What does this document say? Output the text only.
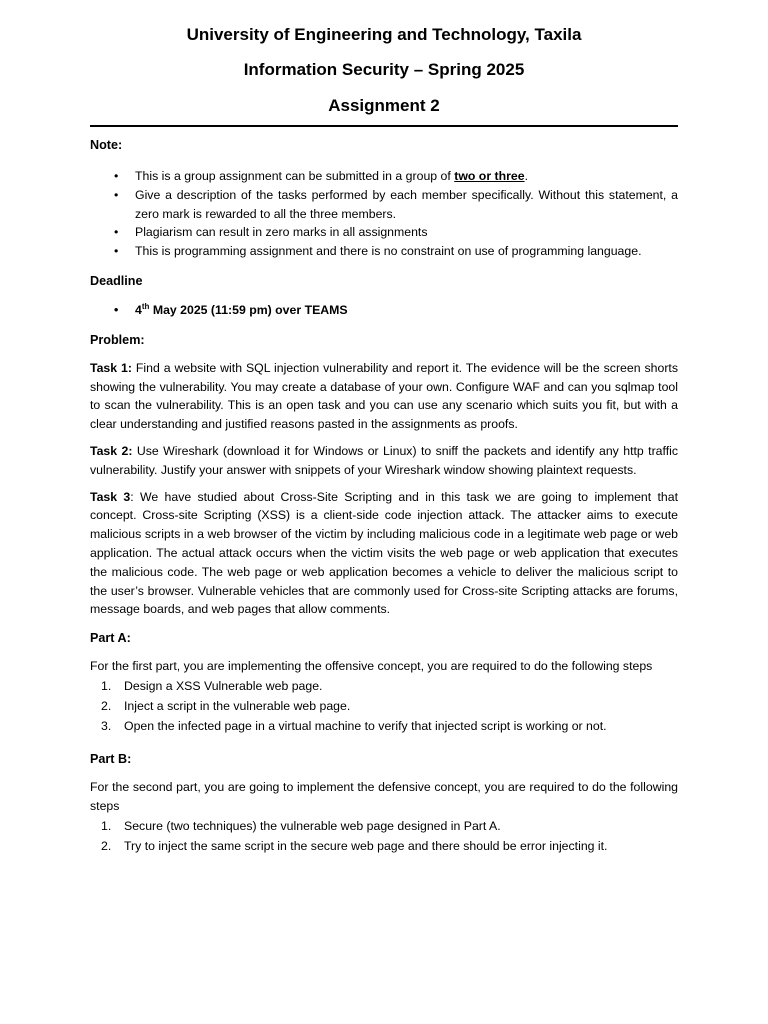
University of Engineering and Technology, Taxila

Information Security – Spring 2025

Assignment 2

Note:

• This is a group assignment can be submitted in a group of two or three.
• Give a description of the tasks performed by each member specifically. Without this statement, a zero mark is rewarded to all the three members.
• Plagiarism can result in zero marks in all assignments
• This is programming assignment and there is no constraint on use of programming language.

Deadline

• 4th May 2025 (11:59 pm) over TEAMS

Problem:

Task 1: Find a website with SQL injection vulnerability and report it. The evidence will be the screen shorts showing the vulnerability. You may create a database of your own. Configure WAF and can you sqlmap tool to scan the vulnerability. This is an open task and you can use any scenario which suits you fit, but with a clear understanding and justified reasons pasted in the assignments as proofs.

Task 2: Use Wireshark (download it for Windows or Linux) to sniff the packets and identify any http traffic vulnerability. Justify your answer with snippets of your Wireshark window showing plaintext requests.

Task 3: We have studied about Cross-Site Scripting and in this task we are going to implement that concept. Cross-site Scripting (XSS) is a client-side code injection attack. The attacker aims to execute malicious scripts in a web browser of the victim by including malicious code in a legitimate web page or web application. The actual attack occurs when the victim visits the web page or web application that executes the malicious code. The web page or web application becomes a vehicle to deliver the malicious script to the user’s browser. Vulnerable vehicles that are commonly used for Cross-site Scripting attacks are forums, message boards, and web pages that allow comments.

Part A:

For the first part, you are implementing the offensive concept, you are required to do the following steps

1. Design a XSS Vulnerable web page.
2. Inject a script in the vulnerable web page.
3. Open the infected page in a virtual machine to verify that injected script is working or not.

Part B:

For the second part, you are going to implement the defensive concept, you are required to do the following steps

1. Secure (two techniques) the vulnerable web page designed in Part A.
2. Try to inject the same script in the secure web page and there should be error injecting it.
